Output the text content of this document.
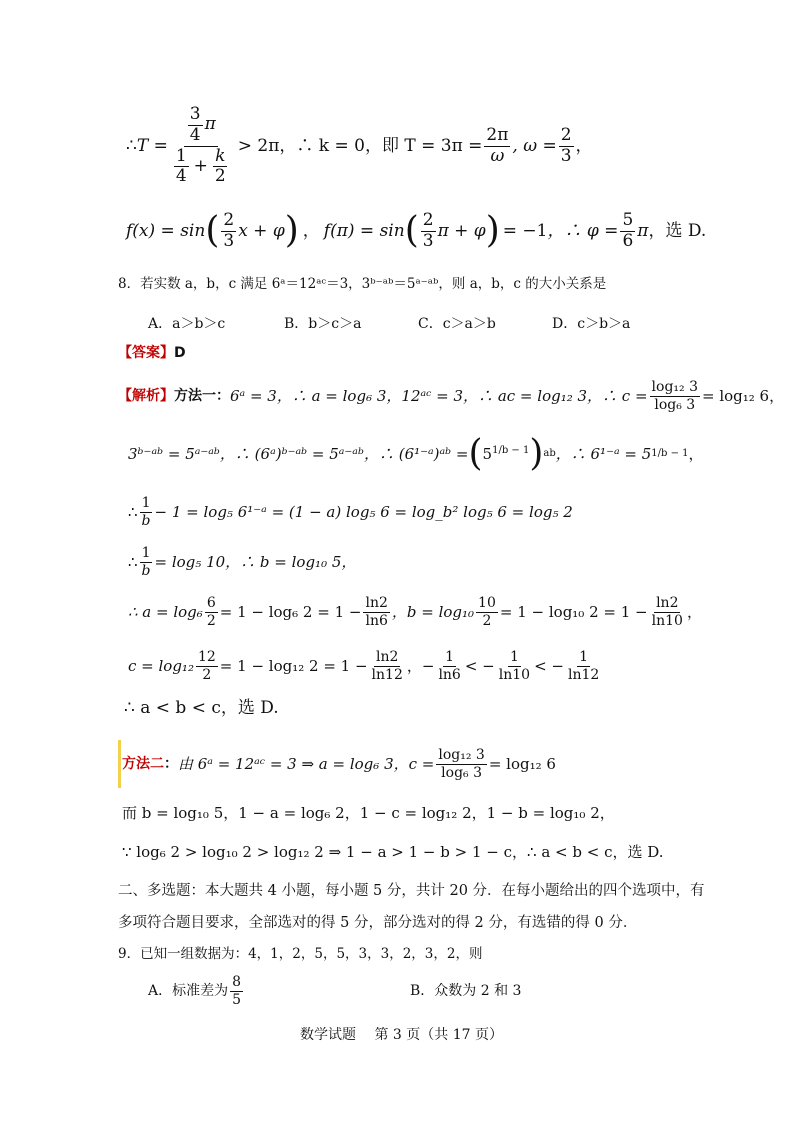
∴ T =
$\frac{3}{4}$ π
$\frac{1}{4} + \frac{k}{2}$
> 2π ，∴ k = 0 ，即 $T = 3\pi = \frac{2\pi}{\omega}$ , $\omega = \frac{2}{3}$ ，
f(x) = sin ( $\frac{2}{3}$ x + φ ) ， f(π) = sin ( $\frac{2}{3}$ π + φ ) = −1 ，∴ $\varphi = \frac{5}{6}$ π ，选 D.
8．若实数 a，b，c 满足 6ᵃ＝12ᵃᶜ＝3，3ᵇ⁻ᵃᵇ＝5ᵃ⁻ᵃᵇ，则 a，b，c 的大小关系是
A．a＞b＞c	B．b＞c＞a	C．c＞a＞b	D．c＞b＞a
【答案】D
【解析】 方法一 ： 6ᵃ = 3，∴ a = log₆ 3，12ᵃᶜ = 3，∴ ac = log₁₂ 3，∴ $c = \frac{\text{log₁₂ 3}}{\text{log₆ 3}} = \log_{12}$ 6，
3ᵇ⁻ᵃᵇ = 5ᵃ⁻ᵃᵇ，∴ (6ᵃ)ᵇ⁻ᵃᵇ = 5ᵃ⁻ᵃᵇ，∴ (6¹⁻ᵃ)ᵃᵇ = ( $5^{1/b - 1}$ ) ab ，∴ 6¹⁻ᵃ = 5 1/b − 1 ，
∴ $\frac{1}{b} - 1 = \log_5$ 6¹⁻ᵃ = (1 − a) log₅ 6 = log_b² log₅ 6 = log₅ 2
∴ $\frac{1}{b} = \log_5$ 10，∴ b = log₁₀ 5，
∴ $a = \log_6 \frac{6}{2} = 1 - \log_6$ $2 = 1 - \frac{\ln 2}{\ln 6}$ ，$b = \log_{10} \frac{10}{2} = 1 - \log_{10}$ $2 = 1 - \frac{\ln 2}{\ln 10}$ ，
$c = \log_{12} \frac{12}{2} = 1 - \log_{12}$ $2 = 1 - \frac{\ln 2}{\ln 12}$ ，− $\frac{1}{\ln 6}$ < − $\frac{1}{\ln 10}$ < − $\frac{1}{\ln 12}$
∴ a < b < c，选 D.
方法二 ： 由 6ᵃ = 12ᵃᶜ = 3 ⇒ a = log₆ 3，$c = \frac{\text{log₁₂ 3}}{\text{log₆ 3}} = \log_{12}$ 6
而 b = log₁₀ 5，1 − a = log₆ 2，1 − c = log₁₂ 2，1 − b = log₁₀ 2，
∵ log₆ 2 > log₁₀ 2 > log₁₂ 2 ⇒ 1 − a > 1 − b > 1 − c，∴ a < b < c，选 D.
二、多选题：本大题共 4 小题，每小题 5 分，共计 20 分．在每小题给出的四个选项中，有
多项符合题目要求，全部选对的得 5 分，部分选对的得 2 分，有选错的得 0 分．
9．已知一组数据为：4，1，2，5，5，3，3，2，3，2，则
A．标准差为 $\frac{8}{5}$	B．众数为 2 和 3
数学试题　 第 3 页（共 17 页）
